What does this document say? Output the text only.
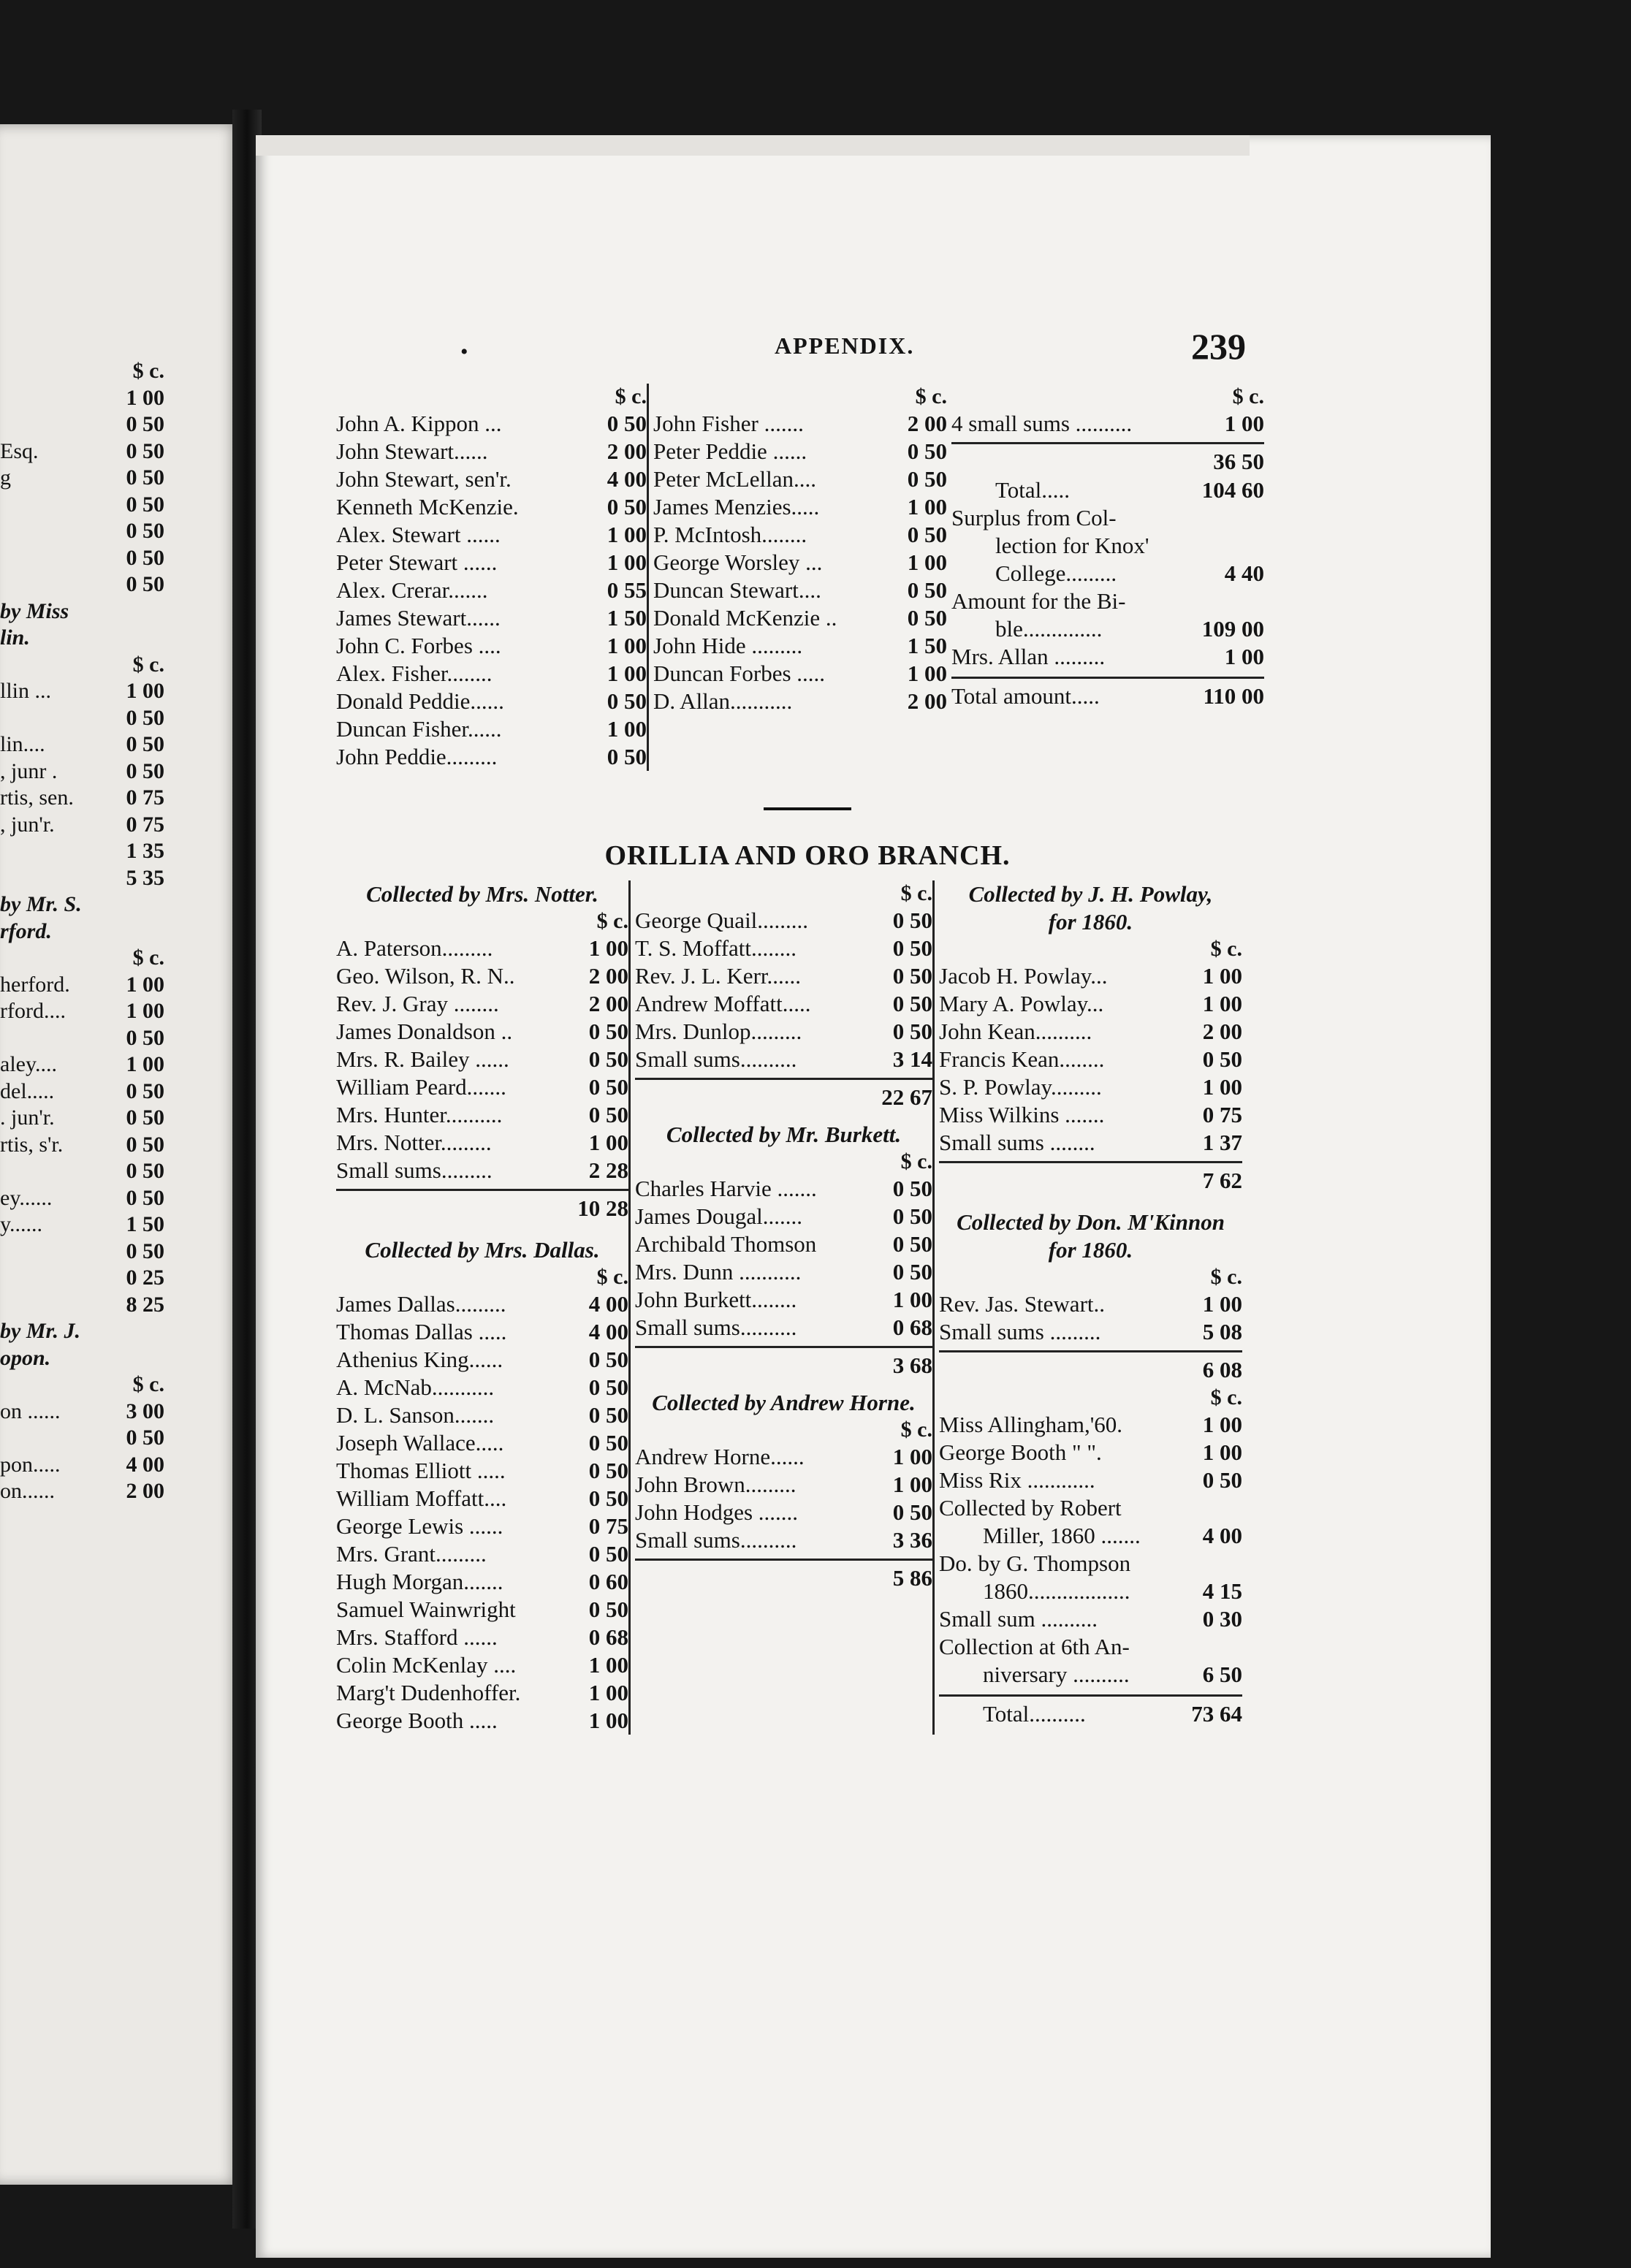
$ c.
1 00
0 50
Esq.	0 50
g	0 50
0 50
0 50
0 50
0 50
by Miss
lin.
$ c.
llin ...	1 00
0 50
lin....	0 50
, junr .	0 50
rtis, sen. 0 75
, jun'r.	0 75
1 35
5 35
by Mr. S.
rford.
$ c.
herford.	1 00
rford....	1 00
0 50
aley....	1 00
del.....	0 50
. jun'r.	0 50
rtis, s'r.	0 50
0 50
ey......	0 50
y......	1 50
0 50
0 25
8 25
by Mr. J.
opon.
$ c.
on ......	3 00
0 50
pon.....	4 00
on......	2 00
•	APPENDIX.	239
$ c.
John A. Kippon ...	0 50
John Stewart......	2 00
John Stewart, sen'r.	4 00
Kenneth McKenzie.	0 50
Alex. Stewart ......	1 00
Peter Stewart ......	1 00
Alex. Crerar.......	0 55
James Stewart......	1 50
John C. Forbes ....	1 00
Alex. Fisher........	1 00
Donald Peddie......	0 50
Duncan Fisher......	1 00
John Peddie.........	0 50
$ c.
John Fisher .......	2 00
Peter Peddie ......	0 50
Peter McLellan....	0 50
James Menzies.....	1 00
P. McIntosh........	0 50
George Worsley ...	1 00
Duncan Stewart....	0 50
Donald McKenzie ..	0 50
John Hide .........	1 50
Duncan Forbes .....	1 00
D. Allan...........	2 00
$ c.
4 small sums ..........	1 00
36 50
Total.....	104 60
Surplus from Col-
lection for Knox'
College.........	4 40
Amount for the Bi-
ble..............	109 00
Mrs. Allan .........	1 00
Total amount.....	110 00
ORILLIA AND ORO BRANCH.
Collected by Mrs. Notter.
$ c.
A. Paterson.........	1 00
Geo. Wilson, R. N..	2 00
Rev. J. Gray ........	2 00
James Donaldson ..	0 50
Mrs. R. Bailey ......	0 50
William Peard.......	0 50
Mrs. Hunter..........	0 50
Mrs. Notter.........	1 00
Small sums.........	2 28
10 28
Collected by Mrs. Dallas.
$ c.
James Dallas.........	4 00
Thomas Dallas .....	4 00
Athenius King......	0 50
A. McNab...........	0 50
D. L. Sanson.......	0 50
Joseph Wallace.....	0 50
Thomas Elliott .....	0 50
William Moffatt....	0 50
George Lewis ......	0 75
Mrs. Grant.........	0 50
Hugh Morgan.......	0 60
Samuel Wainwright	0 50
Mrs. Stafford ......	0 68
Colin McKenlay ....	1 00
Marg't Dudenhoffer.	1 00
George Booth .....	1 00
$ c.
George Quail.........	0 50
T. S. Moffatt........	0 50
Rev. J. L. Kerr......	0 50
Andrew Moffatt.....	0 50
Mrs. Dunlop.........	0 50
Small sums..........	3 14
22 67
Collected by Mr. Burkett.
$ c.
Charles Harvie .......	0 50
James Dougal.......	0 50
Archibald Thomson	0 50
Mrs. Dunn ...........	0 50
John Burkett........	1 00
Small sums..........	0 68
3 68
Collected by Andrew Horne.
$ c.
Andrew Horne......	1 00
John Brown.........	1 00
John Hodges .......	0 50
Small sums..........	3 36
5 86
Collected by J. H. Powlay,
for 1860.
$ c.
Jacob H. Powlay...	1 00
Mary A. Powlay...	1 00
John Kean..........	2 00
Francis Kean........	0 50
S. P. Powlay.........	1 00
Miss Wilkins .......	0 75
Small sums ........	1 37
7 62
Collected by Don. M'Kinnon
for 1860.
$ c.
Rev. Jas. Stewart..	1 00
Small sums .........	5 08
6 08
$ c.
Miss Allingham,'60.	1 00
George Booth " ".	1 00
Miss Rix ............	0 50
Collected by Robert
Miller, 1860 .......	4 00
Do. by G. Thompson
1860..................	4 15
Small sum ..........	0 30
Collection at 6th An-
niversary ..........	6 50
Total..........	73 64
